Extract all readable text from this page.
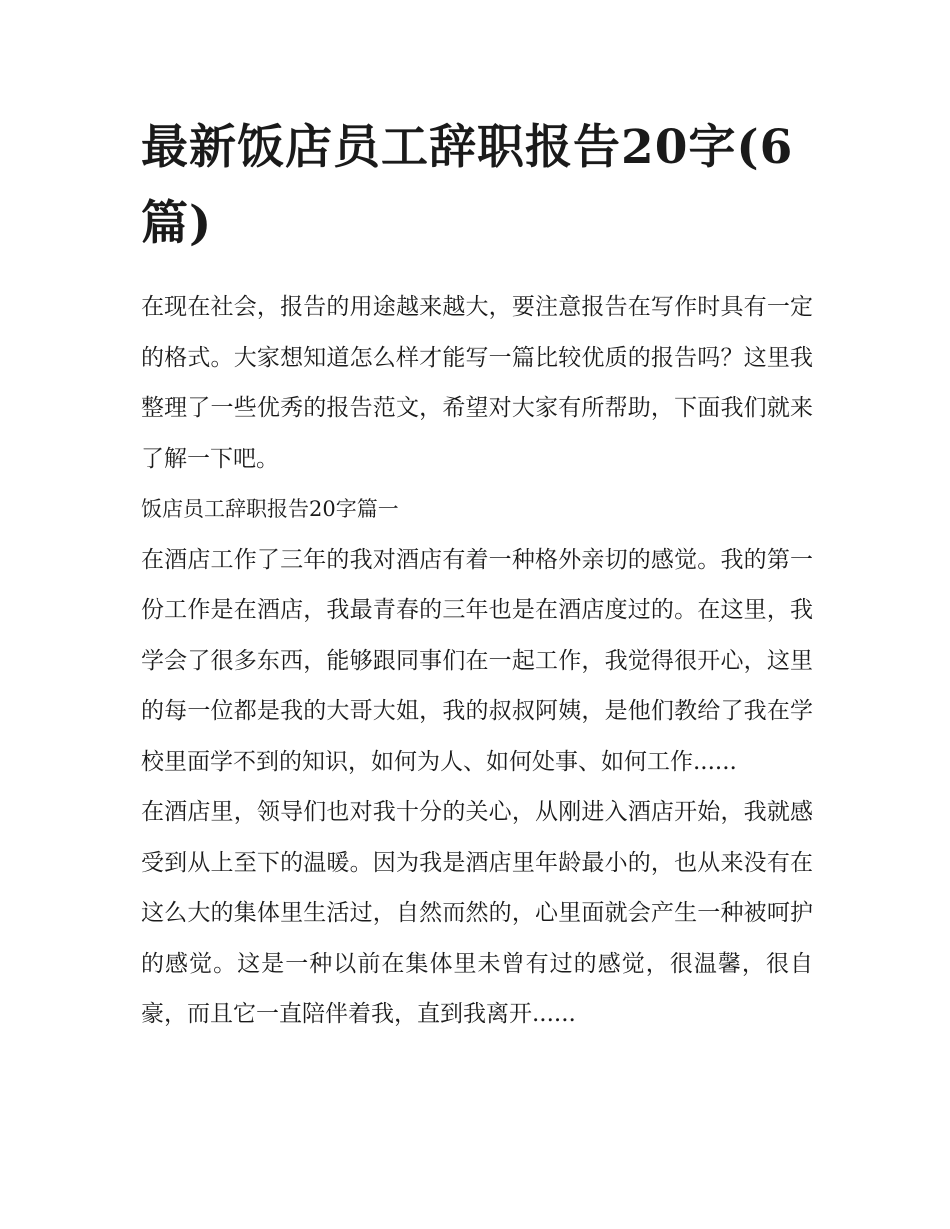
最新饭店员工辞职报告20字(6篇)

在现在社会，报告的用途越来越大，要注意报告在写作时具有一定的格式。大家想知道怎么样才能写一篇比较优质的报告吗？这里我整理了一些优秀的报告范文，希望对大家有所帮助，下面我们就来了解一下吧。

饭店员工辞职报告20字篇一

在酒店工作了三年的我对酒店有着一种格外亲切的感觉。我的第一份工作是在酒店，我最青春的三年也是在酒店度过的。在这里，我学会了很多东西，能够跟同事们在一起工作，我觉得很开心，这里的每一位都是我的大哥大姐，我的叔叔阿姨，是他们教给了我在学校里面学不到的知识，如何为人、如何处事、如何工作......

在酒店里，领导们也对我十分的关心，从刚进入酒店开始，我就感受到从上至下的温暖。因为我是酒店里年龄最小的，也从来没有在这么大的集体里生活过，自然而然的，心里面就会产生一种被呵护的感觉。这是一种以前在集体里未曾有过的感觉，很温馨，很自豪，而且它一直陪伴着我，直到我离开......
